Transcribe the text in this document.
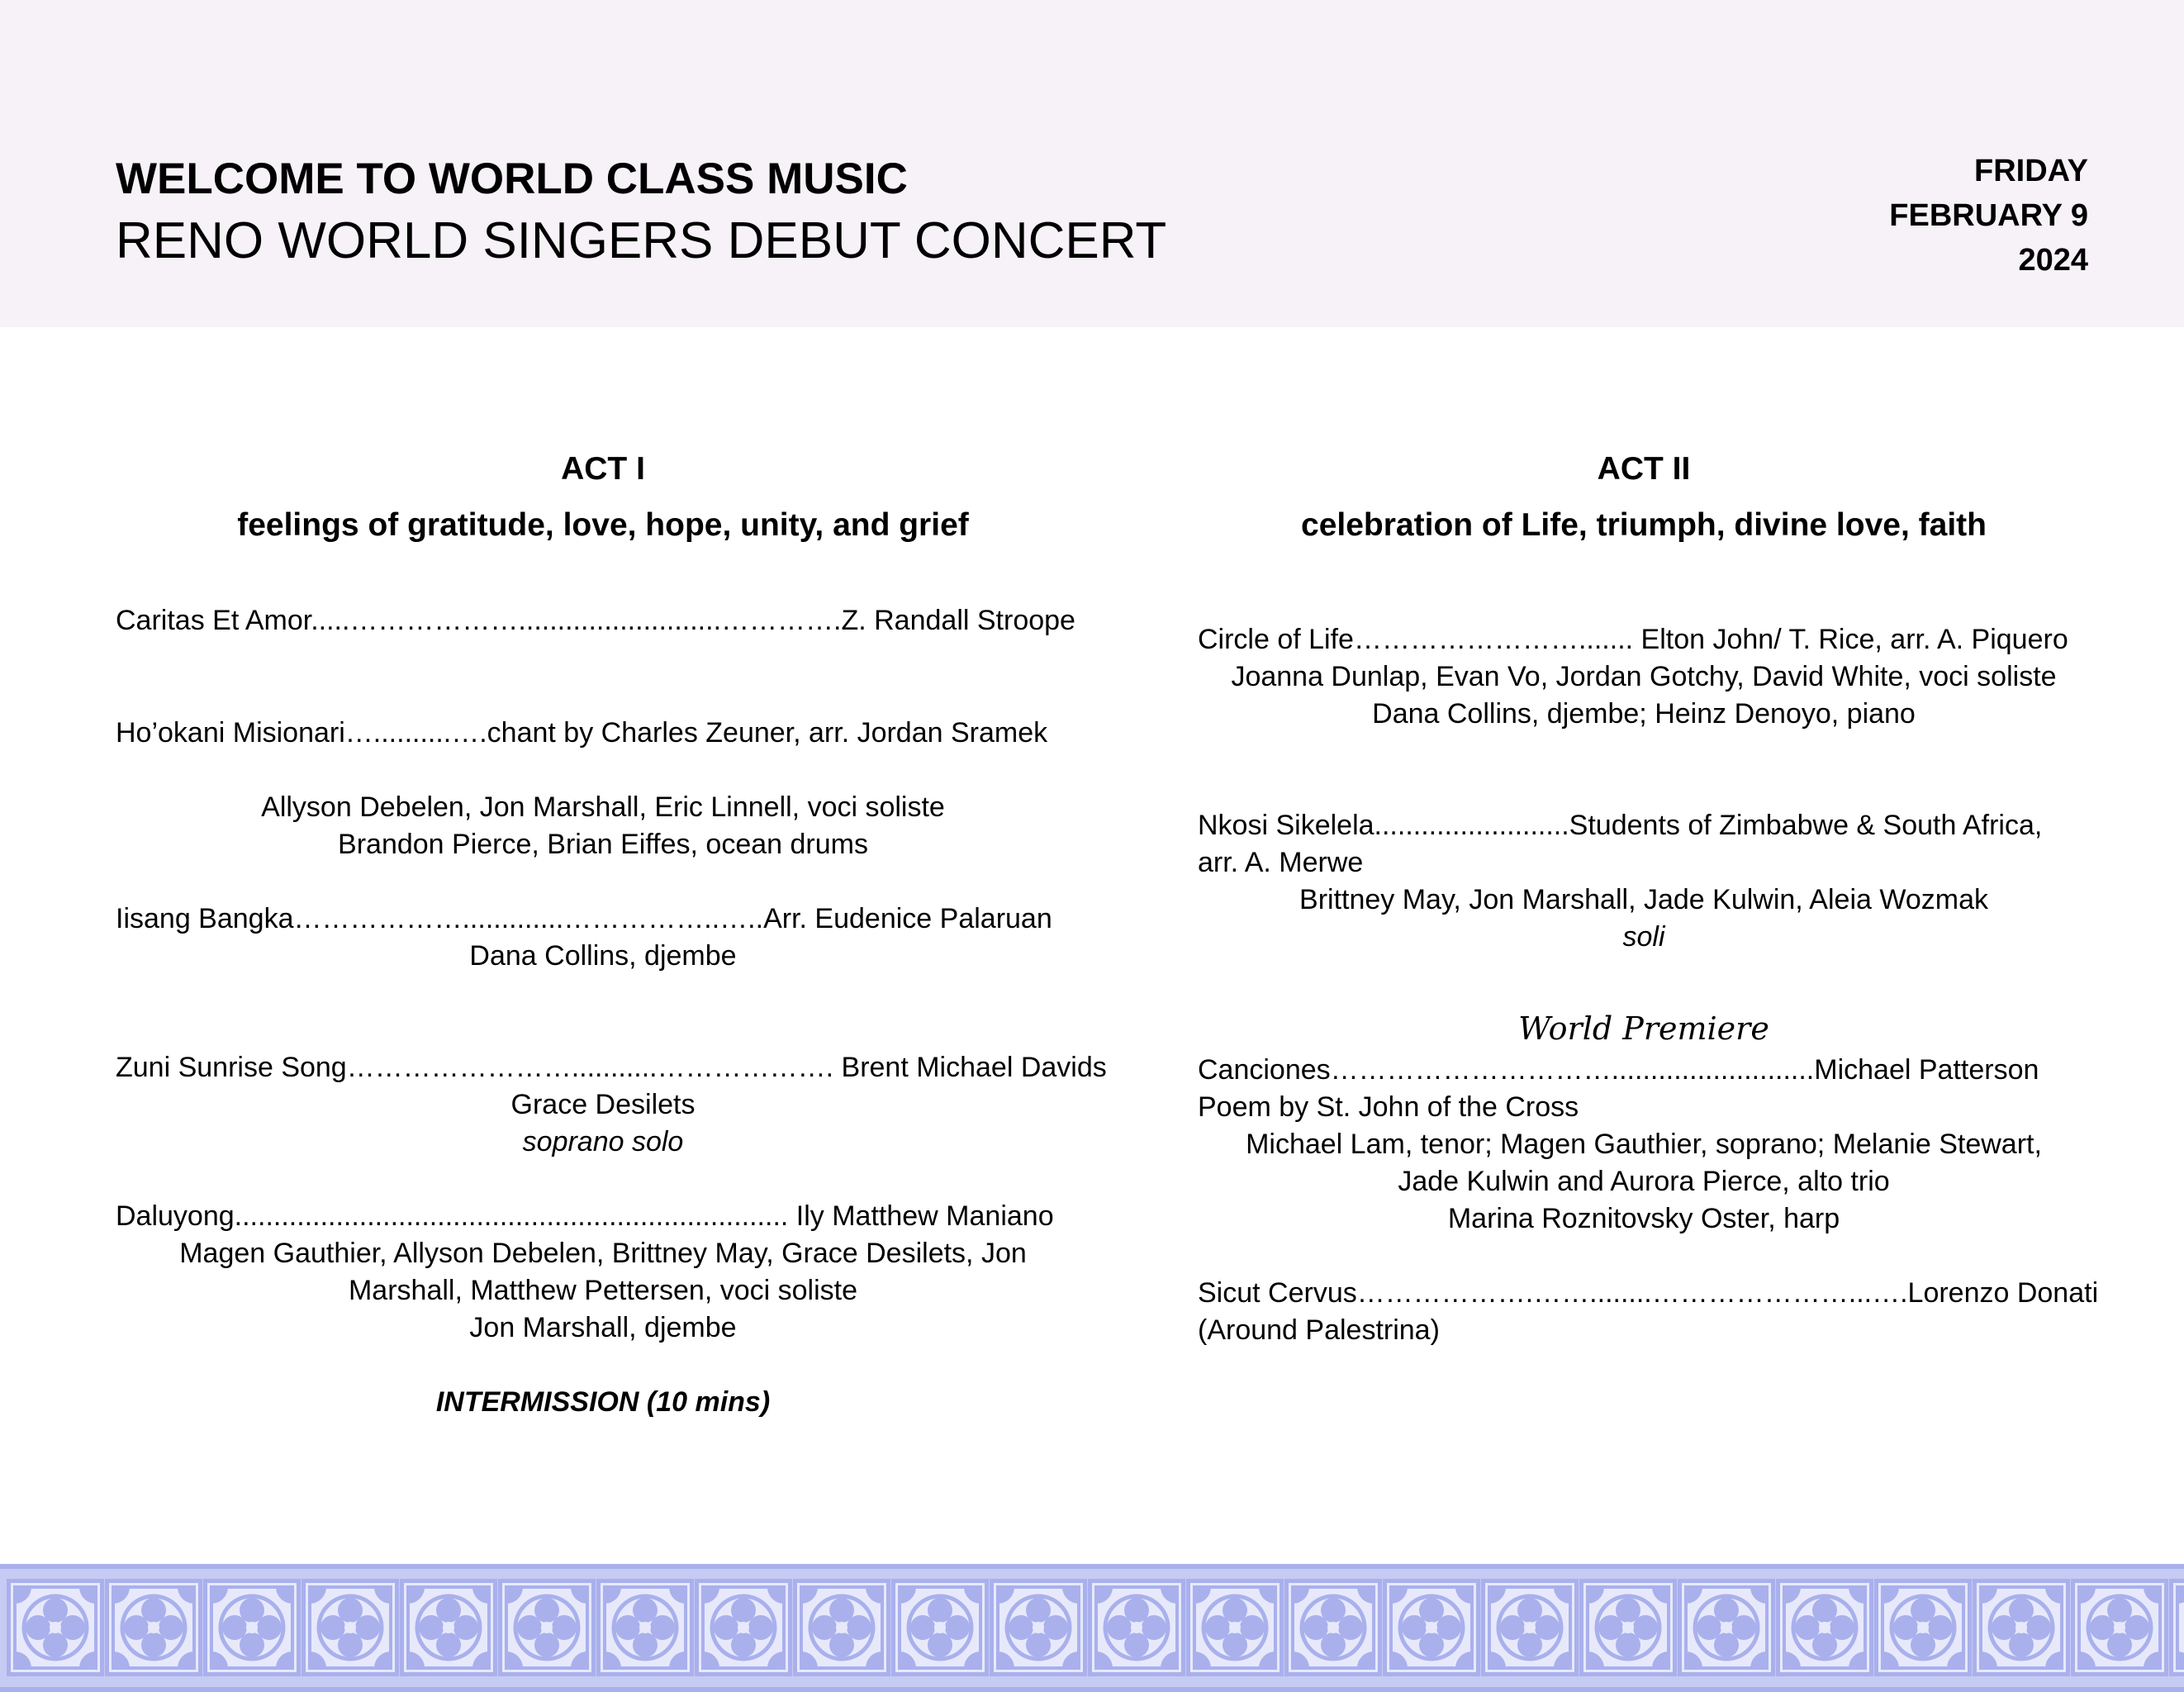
WELCOME TO WORLD CLASS MUSIC
RENO WORLD SINGERS DEBUT CONCERT
FRIDAY
FEBRUARY 9
2024
ACT I
feelings of gratitude, love, hope, unity, and grief

Caritas Et Amor.....………………..........................………….Z. Randall Stroope

Ho’okani Misionari…..........….chant by Charles Zeuner, arr. Jordan Sramek

Allyson Debelen, Jon Marshall, Eric Linnell, voci soliste

Brandon Pierce, Brian Eiffes, ocean drums

Iisang Bangka……………….............……………..…..Arr. Eudenice Palaruan

Dana Collins, djembe

Zuni Sunrise Song……………………...........………………. Brent Michael Davids

Grace Desilets

soprano solo

Daluyong....................................................................... Ily Matthew Maniano

Magen Gauthier, Allyson Debelen, Brittney May, Grace Desilets, Jon

Marshall, Matthew Pettersen, voci soliste

Jon Marshall, djembe

INTERMISSION (10 mins)

ACT II
celebration of Life, triumph, divine love, faith

Circle of Life……………………....... Elton John/ T. Rice, arr. A. Piquero

Joanna Dunlap, Evan Vo, Jordan Gotchy, David White, voci soliste

Dana Collins, djembe; Heinz Denoyo, piano

Nkosi Sikelela.........................Students of Zimbabwe & South Africa,

arr. A. Merwe

Brittney May, Jon Marshall, Jade Kulwin, Aleia Wozmak

soli

World Premiere

Canciones…………………………..........................Michael Patterson

Poem by St. John of the Cross

Michael Lam, tenor; Magen Gauthier, soprano; Melanie Stewart,

Jade Kulwin and Aurora Pierce, alto trio

Marina Roznitovsky Oster, harp

Sicut Cervus……………….……........…………………...….Lorenzo Donati

(Around Palestrina)
